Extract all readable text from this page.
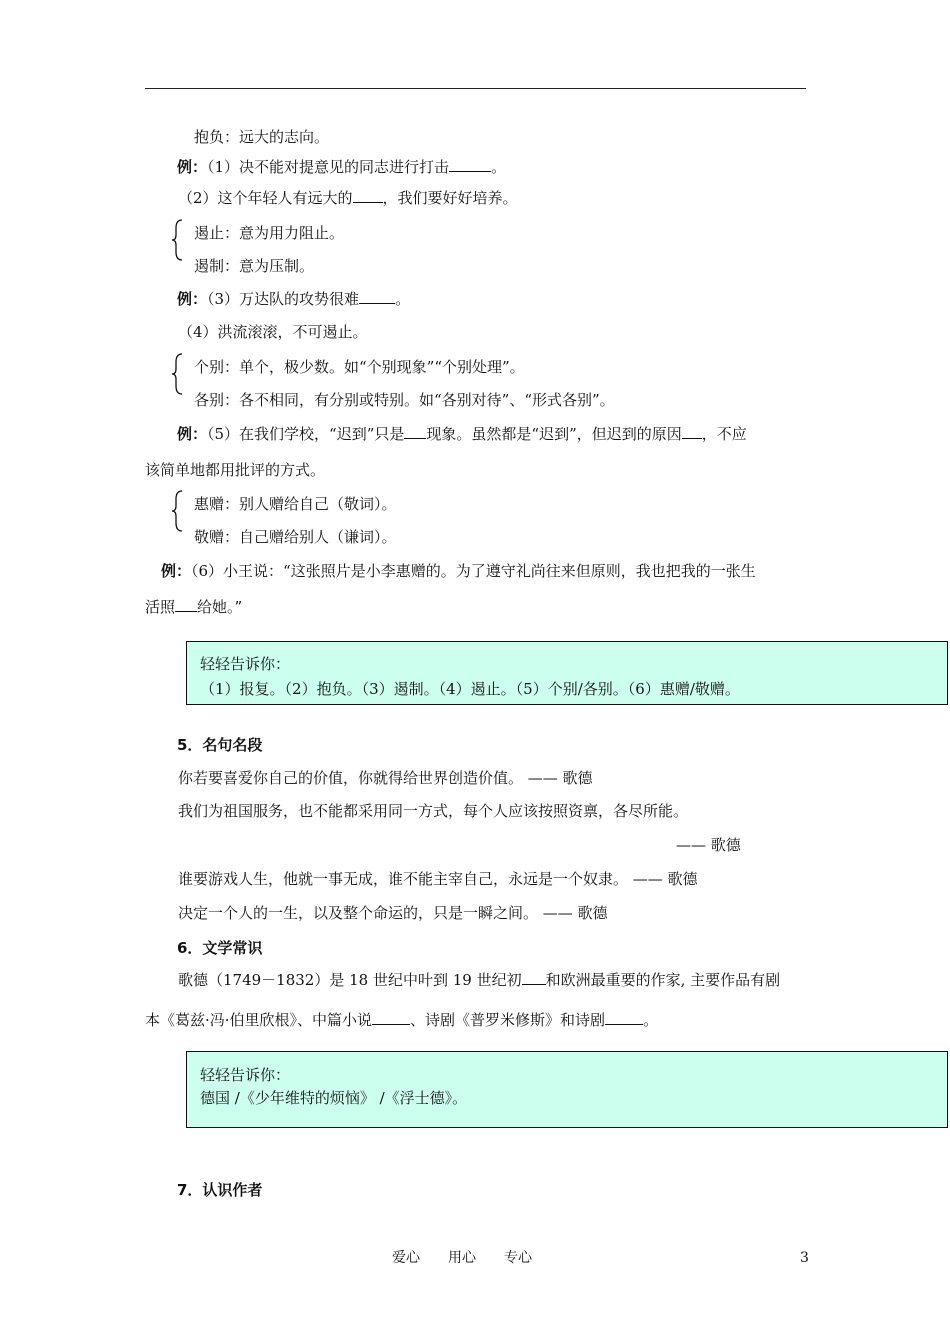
抱负：远大的志向。
例：（1）决不能对提意见的同志进行打击	。
（2）这个年轻人有远大的 ，我们要好好培养。
遏止：意为用力阻止。
遏制：意为压制。
例：（3）万达队的攻势很难 。
（4）洪流滚滚，不可遏止。
个别：单个，极少数。如“个别现象”“个别处理”。
各别：各不相同，有分别或特别。如“各别对待”、“形式各别”。
例：（5）在我们学校，“迟到”只是 现象。虽然都是“迟到”，但迟到的原因 ，不应
该简单地都用批评的方式。
惠赠：别人赠给自己（敬词）。
敬赠：自己赠给别人（谦词）。
例：（6）小王说：“这张照片是小李惠赠的。为了遵守礼尚往来但原则，我也把我的一张生
活照 给她。”
轻轻告诉你：
（1）报复。（2）抱负。（3）遏制。（4）遏止。（5）个别/各别。（6）惠赠/敬赠。
5．名句名段
你若要喜爱你自己的价值，你就得给世界创造价值。 —— 歌德
我们为祖国服务，也不能都采用同一方式，每个人应该按照资禀，各尽所能。
—— 歌德
谁要游戏人生，他就一事无成，谁不能主宰自己，永远是一个奴隶。 —— 歌德
决定一个人的一生，以及整个命运的，只是一瞬之间。 —— 歌德
6．文学常识
歌德（1749－1832）是 18 世纪中叶到 19 世纪初 和欧洲最重要的作家, 主要作品有剧
本《葛兹·冯·伯里欣根》、中篇小说	、诗剧《普罗米修斯》和诗剧	。
轻轻告诉你：
德国 /《少年维特的烦恼》 /《浮士德》。
7．认识作者
爱心　　用心　　专心	3
